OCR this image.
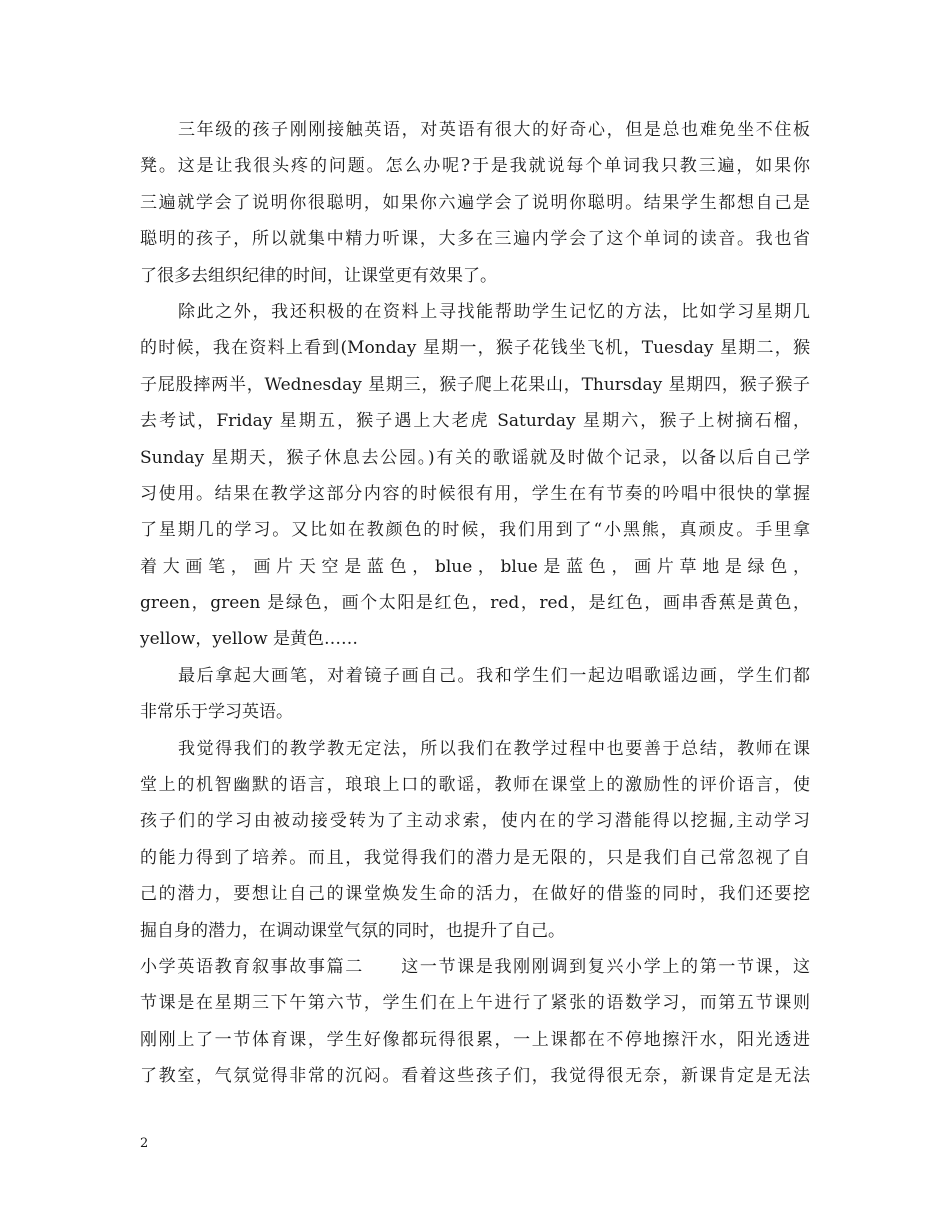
三年级的孩子刚刚接触英语，对英语有很大的好奇心，但是总也难免坐不住板
凳。这是让我很头疼的问题。怎么办呢?于是我就说每个单词我只教三遍，如果你
三遍就学会了说明你很聪明，如果你六遍学会了说明你聪明。结果学生都想自己是
聪明的孩子，所以就集中精力听课，大多在三遍内学会了这个单词的读音。我也省
了很多去组织纪律的时间，让课堂更有效果了。
除此之外，我还积极的在资料上寻找能帮助学生记忆的方法，比如学习星期几
的时候，我在资料上看到(Monday 星期一，猴子花钱坐飞机，Tuesday 星期二，猴
子屁股摔两半，Wednesday 星期三，猴子爬上花果山，Thursday 星期四，猴子猴子
去考试，Friday 星期五，猴子遇上大老虎 Saturday 星期六，猴子上树摘石榴，
Sunday 星期天，猴子休息去公园。)有关的歌谣就及时做个记录，以备以后自己学
习使用。结果在教学这部分内容的时候很有用，学生在有节奏的吟唱中很快的掌握
了星期几的学习。又比如在教颜色的时候，我们用到了“小黑熊，真顽皮。手里拿
着 大 画 笔 ， 画 片 天 空 是 蓝 色 ， blue ， blue 是 蓝 色 ， 画 片 草 地 是 绿 色 ，
green，green 是绿色，画个太阳是红色，red，red，是红色，画串香蕉是黄色，
yellow，yellow 是黄色……
最后拿起大画笔，对着镜子画自己。我和学生们一起边唱歌谣边画，学生们都
非常乐于学习英语。
我觉得我们的教学教无定法，所以我们在教学过程中也要善于总结，教师在课
堂上的机智幽默的语言，琅琅上口的歌谣，教师在课堂上的激励性的评价语言，使
孩子们的学习由被动接受转为了主动求索，使内在的学习潜能得以挖掘,主动学习
的能力得到了培养。而且，我觉得我们的潜力是无限的，只是我们自己常忽视了自
己的潜力，要想让自己的课堂焕发生命的活力，在做好的借鉴的同时，我们还要挖
掘自身的潜力，在调动课堂气氛的同时，也提升了自己。
小学英语教育叙事故事篇二　　这一节课是我刚刚调到复兴小学上的第一节课，这
节课是在星期三下午第六节，学生们在上午进行了紧张的语数学习，而第五节课则
刚刚上了一节体育课，学生好像都玩得很累，一上课都在不停地擦汗水，阳光透进
了教室，气氛觉得非常的沉闷。看着这些孩子们，我觉得很无奈，新课肯定是无法
2
